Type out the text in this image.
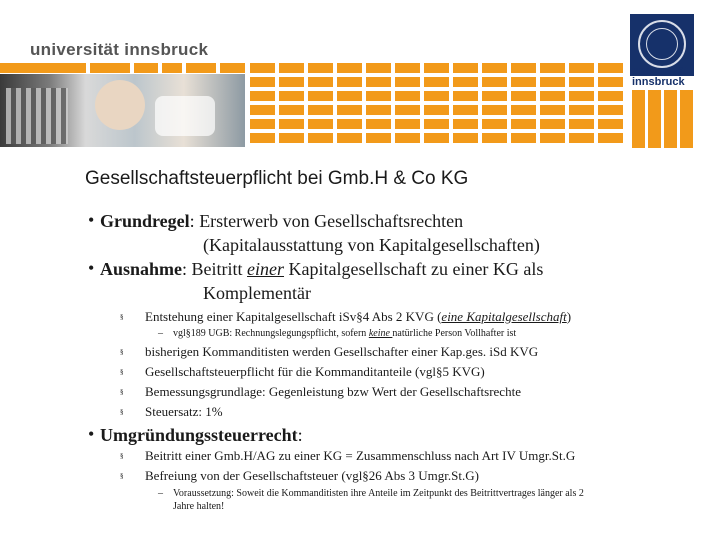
universität innsbruck
universität
innsbruck
Gesellschaftsteuerpflicht bei Gmb.H & Co KG
• Grundregel: Ersterwerb von Gesellschaftsrechten
(Kapitalausstattung von Kapitalgesellschaften)
• Ausnahme: Beitritt einer Kapitalgesellschaft zu einer KG als
Komplementär
§ Entstehung einer Kapitalgesellschaft iSv§4 Abs 2 KVG (eine Kapitalgesellschaft)
– vgl§189 UGB: Rechnungslegungspflicht, sofern keine natürliche Person Vollhafter ist
§ bisherigen Kommanditisten werden Gesellschafter einer Kap.ges. iSd KVG
§ Gesellschaftsteuerpflicht für die Kommanditanteile (vgl§5 KVG)
§ Bemessungsgrundlage: Gegenleistung bzw Wert der Gesellschaftsrechte
§ Steuersatz: 1%
• Umgründungssteuerrecht:
§ Beitritt einer Gmb.H/AG zu einer KG = Zusammenschluss nach Art IV Umgr.St.G
§ Befreiung von der Gesellschaftsteuer (vgl§26 Abs 3 Umgr.St.G)
– Voraussetzung: Soweit die Kommanditisten ihre Anteile im Zeitpunkt des Beitrittvertrages länger als 2
Jahre halten!
